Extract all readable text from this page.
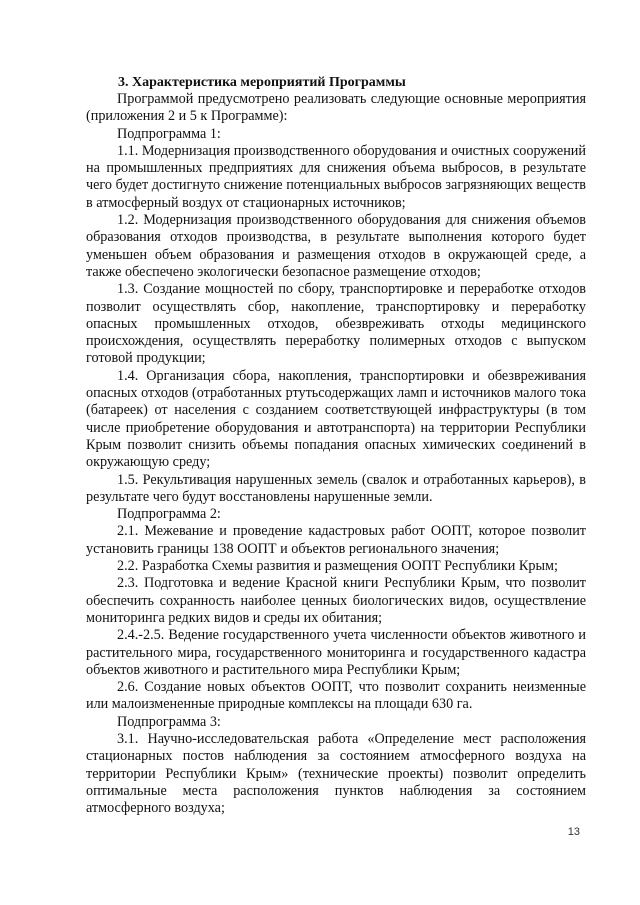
3. Характеристика мероприятий Программы

Программой предусмотрено реализовать следующие основные мероприятия (приложения 2 и 5 к Программе):

Подпрограмма 1:

1.1. Модернизация производственного оборудования и очистных сооружений на промышленных предприятиях для снижения объема выбросов, в результате чего будет достигнуто снижение потенциальных выбросов загрязняющих веществ в атмосферный воздух от стационарных источников;

1.2. Модернизация производственного оборудования для снижения объемов образования отходов производства, в результате выполнения которого будет уменьшен объем образования и размещения отходов в окружающей среде, а также обеспечено экологически безопасное размещение отходов;

1.3. Создание мощностей по сбору, транспортировке и переработке отходов позволит осуществлять сбор, накопление, транспортировку и переработку опасных промышленных отходов, обезвреживать отходы медицинского происхождения, осуществлять переработку полимерных отходов с выпуском готовой продукции;

1.4. Организация сбора, накопления, транспортировки и обезвреживания опасных отходов (отработанных ртутьсодержащих ламп и источников малого тока (батареек) от населения с созданием соответствующей инфраструктуры (в том числе приобретение оборудования и автотранспорта) на территории Республики Крым позволит снизить объемы попадания опасных химических соединений в окружающую среду;

1.5. Рекультивация нарушенных земель (свалок и отработанных карьеров), в результате чего будут восстановлены нарушенные земли.

Подпрограмма 2:

2.1. Межевание и проведение кадастровых работ ООПТ, которое позволит установить границы 138 ООПТ и объектов регионального значения;

2.2. Разработка Схемы развития и размещения ООПТ Республики Крым;

2.3. Подготовка и ведение Красной книги Республики Крым, что позволит обеспечить сохранность наиболее ценных биологических видов, осуществление мониторинга редких видов и среды их обитания;

2.4.-2.5. Ведение государственного учета численности объектов животного и растительного мира, государственного мониторинга и государственного кадастра объектов животного и растительного мира Республики Крым;

2.6. Создание новых объектов ООПТ, что позволит сохранить неизменные или малоизмененные природные комплексы на площади 630 га.

Подпрограмма 3:

3.1. Научно-исследовательская работа «Определение мест расположения стационарных постов наблюдения за состоянием атмосферного воздуха на территории Республики Крым» (технические проекты) позволит определить оптимальные места расположения пунктов наблюдения за состоянием атмосферного воздуха;

13
